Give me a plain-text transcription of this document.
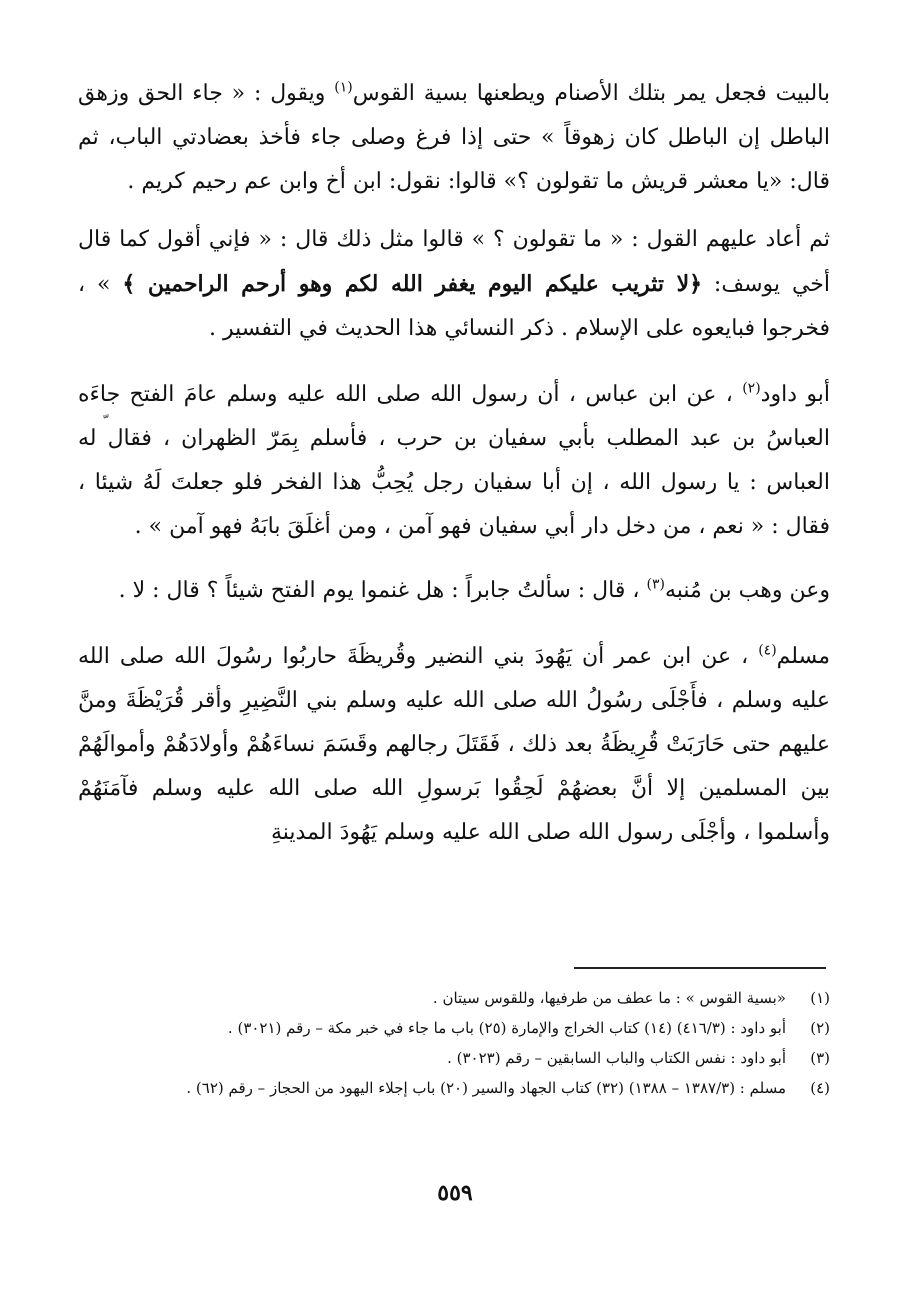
بالبيت فجعل يمر بتلك الأصنام ويطعنها بسية القوس$^{(١)}$ ويقول : « جاء الحق وزهق الباطل إن الباطل كان زهوقاً » حتى إذا فرغ وصلى جاء فأخذ بعضادتي الباب، ثم قال: «يا معشر قريش ما تقولون ؟» قالوا: نقول: ابن أخ وابن عم رحيم كريم .
ثم أعاد عليهم القول : « ما تقولون ؟ » قالوا مثل ذلك قال : « فإني أقول كما قال أخي يوسف: ﴿لا تثريب عليكم اليوم يغفر الله لكم وهو أرحم الراحمين ﴾ » ، فخرجوا فبايعوه على الإسلام . ذكر النسائي هذا الحديث في التفسير .
أبو داود$^{(٢)}$ ، عن ابن عباس ، أن رسول الله صلى الله عليه وسلم عامَ الفتح جاءَه العباسُ بن عبد المطلب بأبي سفيان بن حرب ، فأسلم بِمَرّ الظهران ، فقال له العباس : يا رسول الله ، إن أبا سفيان رجل يُحِبُّ هذا الفخر فلو جعلتَ لَهُ شيئا ، فقال : « نعم ، من دخل دار أبي سفيان فهو آمن ، ومن أغلَقَ بابَهُ فهو آمن » .
وعن وهب بن مُنبه$^{(٣)}$ ، قال : سألتُ جابراً : هل غنموا يوم الفتح شيئاً ؟ قال : لا .
مسلم$^{(٤)}$ ، عن ابن عمر أن يَهُودَ بني النضير وقُريظَةَ حاربُوا رسُولَ الله صلى الله عليه وسلم ، فأَجْلَى رسُولُ الله صلى الله عليه وسلم بني النَّضِيرِ وأقر قُرَيْظَةَ ومنَّ عليهم حتى حَارَبَتْ قُرِيظَةُ بعد ذلك ، فَقَتَلَ رجالهم وقَسَمَ نساءَهُمْ وأولادَهُمْ وأموالَهُمْ بين المسلمين إلا أنَّ بعضهُمْ لَحِقُوا بَرسولِ الله صلى الله عليه وسلم فآمَنَهُمْ وأسلموا ، وأجْلَى رسول الله صلى الله عليه وسلم يَهُودَ المدينةِ
(١)
«بسية القوس » : ما عطف من طرفيها، وللقوس سيتان .
(٢)
أبو داود : (٤١٦/٣) (١٤) كتاب الخراج والإمارة (٢٥) باب ما جاء في خبر مكة – رقم (٣٠٢١) .
(٣)
أبو داود : نفس الكتاب والباب السابقين – رقم (٣٠٢٣) .
(٤)
مسلم : (١٣٨٧/٣ – ١٣٨٨) (٣٢) كتاب الجهاد والسير (٢٠) باب إجلاء اليهود من الحجاز – رقم (٦٢) .
٥٥٩
